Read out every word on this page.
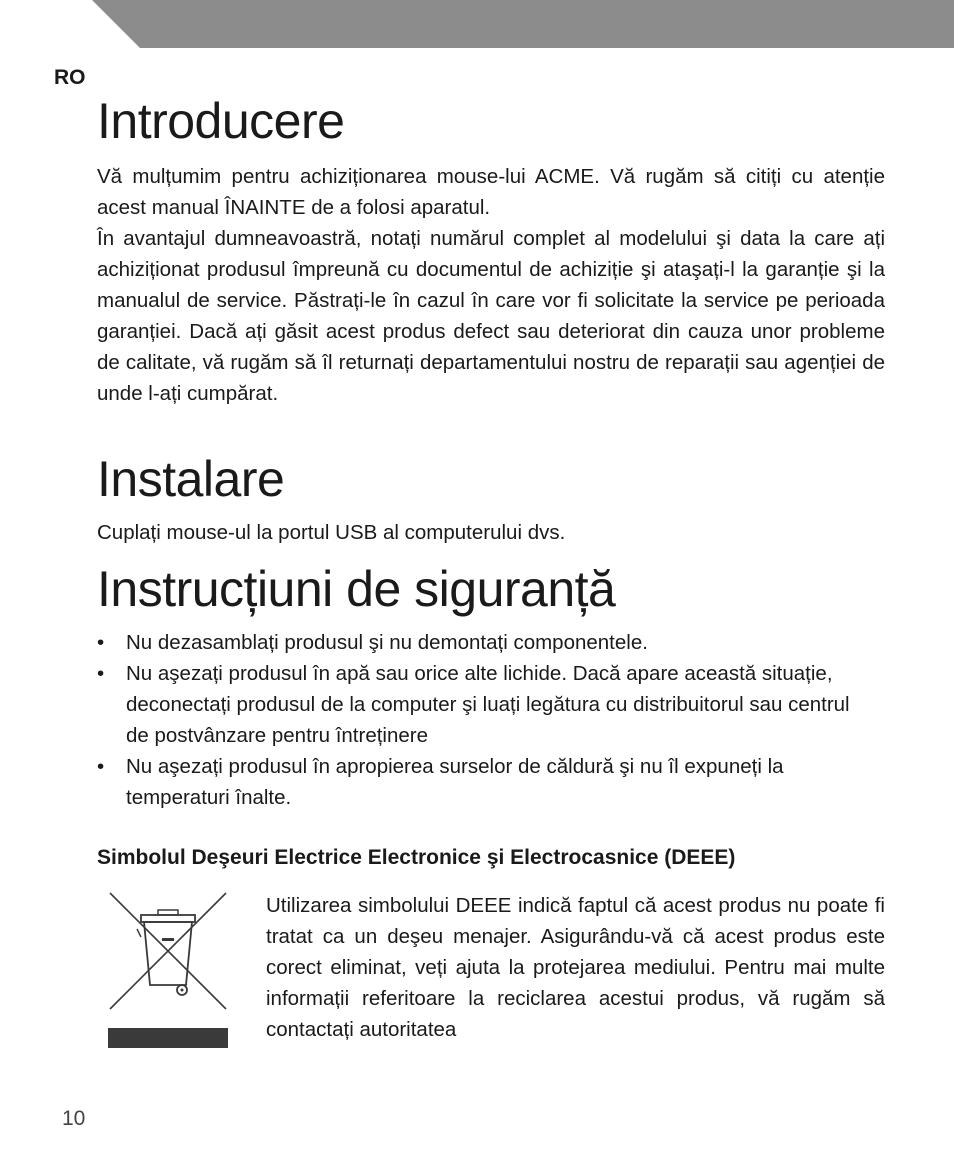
RO
Introducere

Vă mulțumim pentru achiziționarea mouse-lui ACME. Vă rugăm să citiți cu atenție acest manual ÎNAINTE de a folosi aparatul.

În avantajul dumneavoastră, notați numărul complet al modelului şi data la care ați achiziționat produsul împreună cu documentul de achiziție şi ataşați-l la garanție şi la manualul de service. Păstrați-le în cazul în care vor fi solicitate la service pe perioada garanției. Dacă ați găsit acest produs defect sau deteriorat din cauza unor probleme de calitate, vă rugăm să îl returnați departamentului nostru de reparații sau agenției de unde l-ați cumpărat.

Instalare
Cuplați mouse-ul la portul USB al computerului dvs.
Instrucțiuni de siguranță
• Nu dezasamblați produsul şi nu demontați componentele.
• Nu aşezați produsul în apă sau orice alte lichide. Dacă apare această situație, deconectați produsul de la computer şi luați legătura cu distribuitorul sau centrul de postvânzare pentru întreținere
• Nu aşezați produsul în apropierea surselor de căldură şi nu îl expuneți la temperaturi înalte.
Simbolul Deşeuri Electrice Electronice şi Electrocasnice (DEEE)

Utilizarea simbolului DEEE indică faptul că acest produs nu poate fi tratat ca un deşeu menajer. Asigurându-vă că acest produs este corect eliminat, veți ajuta la protejarea mediului. Pentru mai multe informații referitoare la reciclarea acestui produs, vă rugăm să contactați autoritatea

10
